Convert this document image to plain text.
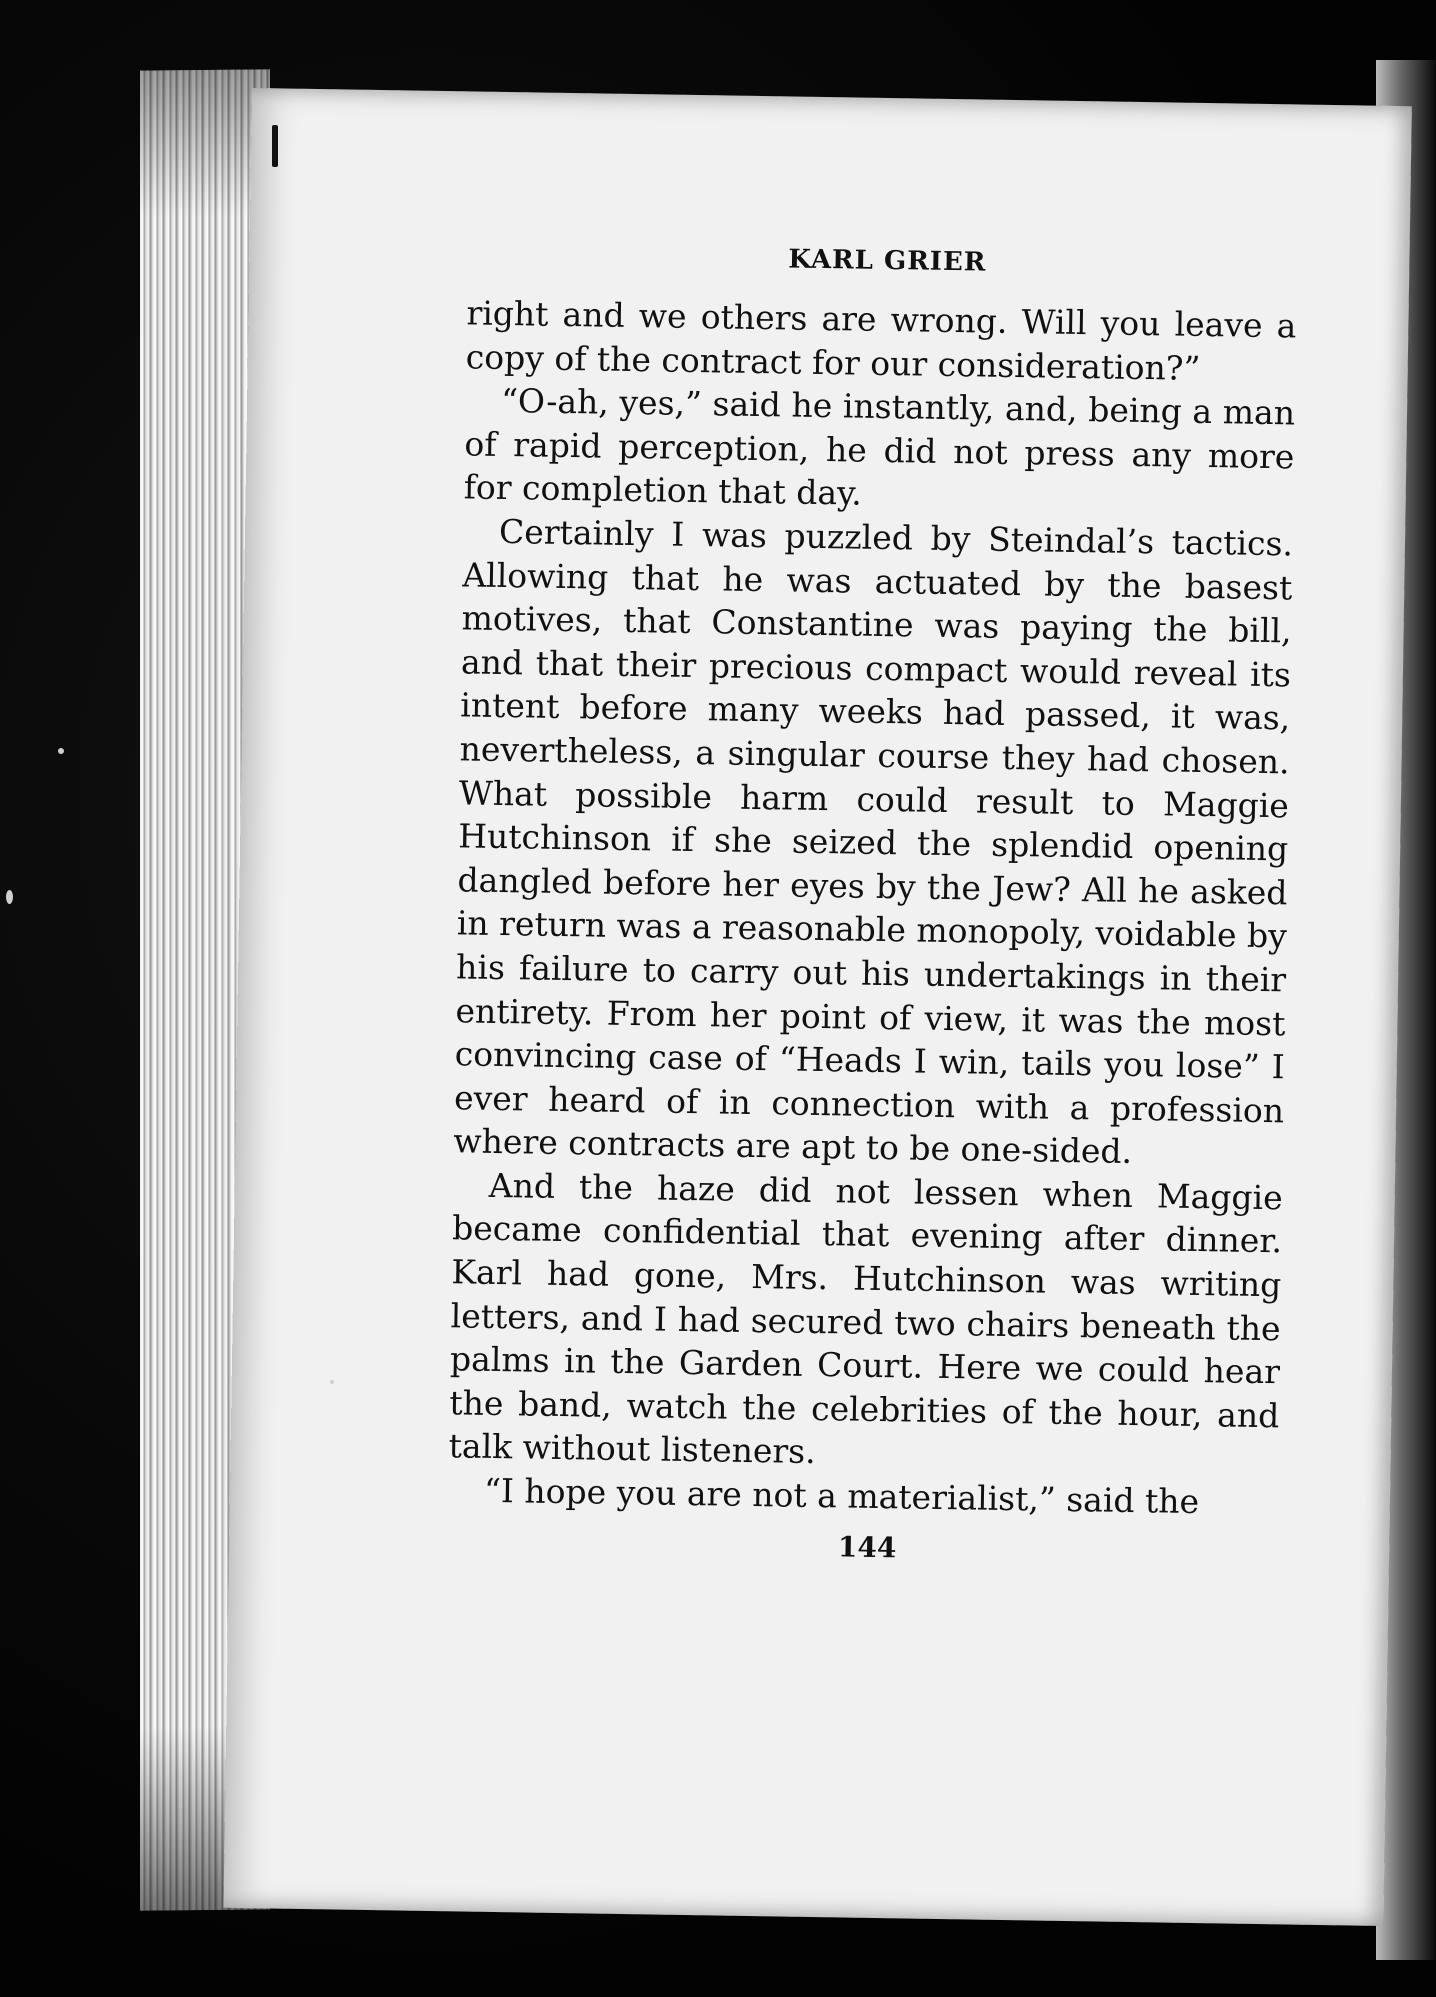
KARL GRIER

right and we others are wrong. Will you leave a copy of the contract for our consideration?”

“O-ah, yes,” said he instantly, and, being a man of rapid perception, he did not press any more for completion that day.

Certainly I was puzzled by Steindal’s tactics. Allowing that he was actuated by the basest motives, that Constantine was paying the bill, and that their precious compact would reveal its intent before many weeks had passed, it was, nevertheless, a singular course they had chosen. What possible harm could result to Maggie Hutchinson if she seized the splendid opening dangled before her eyes by the Jew? All he asked in return was a reasonable monopoly, voidable by his failure to carry out his undertakings in their entirety. From her point of view, it was the most convincing case of “Heads I win, tails you lose” I ever heard of in connection with a profession where contracts are apt to be one-sided.

And the haze did not lessen when Maggie became confidential that evening after dinner. Karl had gone, Mrs. Hutchinson was writing letters, and I had secured two chairs beneath the palms in the Garden Court. Here we could hear the band, watch the celebrities of the hour, and talk without listeners.

“I hope you are not a materialist,” said the

144
